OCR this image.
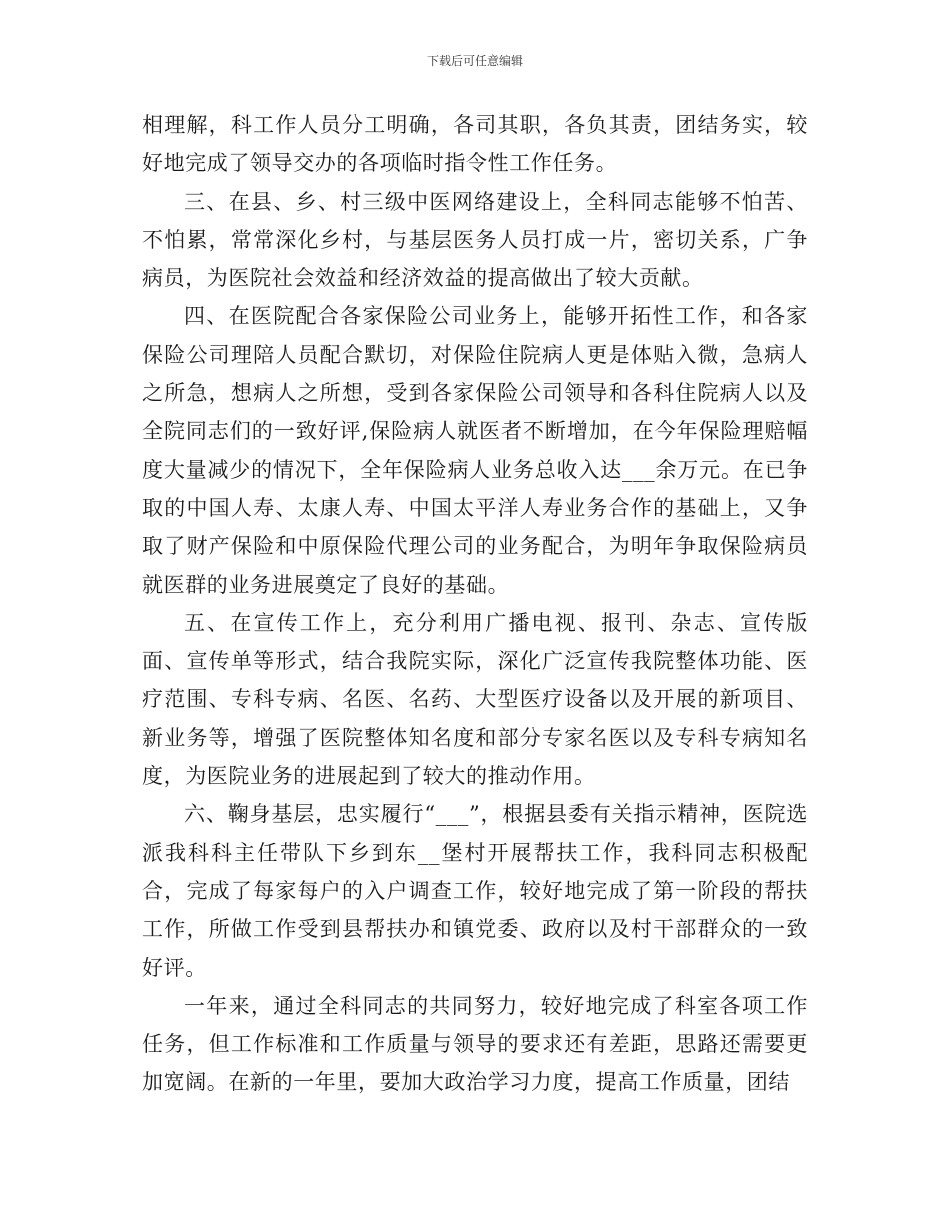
下载后可任意编辑

相理解，科工作人员分工明确，各司其职，各负其责，团结务实，较好地完成了领导交办的各项临时指令性工作任务。

三、在县、乡、村三级中医网络建设上，全科同志能够不怕苦、不怕累，常常深化乡村，与基层医务人员打成一片，密切关系，广争病员，为医院社会效益和经济效益的提高做出了较大贡献。

四、在医院配合各家保险公司业务上，能够开拓性工作，和各家保险公司理陪人员配合默切，对保险住院病人更是体贴入微，急病人之所急，想病人之所想，受到各家保险公司领导和各科住院病人以及全院同志们的一致好评,保险病人就医者不断增加，在今年保险理赔幅度大量减少的情况下，全年保险病人业务总收入达___余万元。在已争取的中国人寿、太康人寿、中国太平洋人寿业务合作的基础上，又争取了财产保险和中原保险代理公司的业务配合，为明年争取保险病员就医群的业务进展奠定了良好的基础。

五、在宣传工作上，充分利用广播电视、报刊、杂志、宣传版面、宣传单等形式，结合我院实际，深化广泛宣传我院整体功能、医疗范围、专科专病、名医、名药、大型医疗设备以及开展的新项目、新业务等，增强了医院整体知名度和部分专家名医以及专科专病知名度，为医院业务的进展起到了较大的推动作用。

六、鞠身基层，忠实履行“___”，根据县委有关指示精神，医院选派我科科主任带队下乡到东__堡村开展帮扶工作，我科同志积极配合，完成了每家每户的入户调查工作，较好地完成了第一阶段的帮扶工作，所做工作受到县帮扶办和镇党委、政府以及村干部群众的一致好评。

一年来，通过全科同志的共同努力，较好地完成了科室各项工作任务，但工作标准和工作质量与领导的要求还有差距，思路还需要更加宽阔。在新的一年里，要加大政治学习力度，提高工作质量，团结
